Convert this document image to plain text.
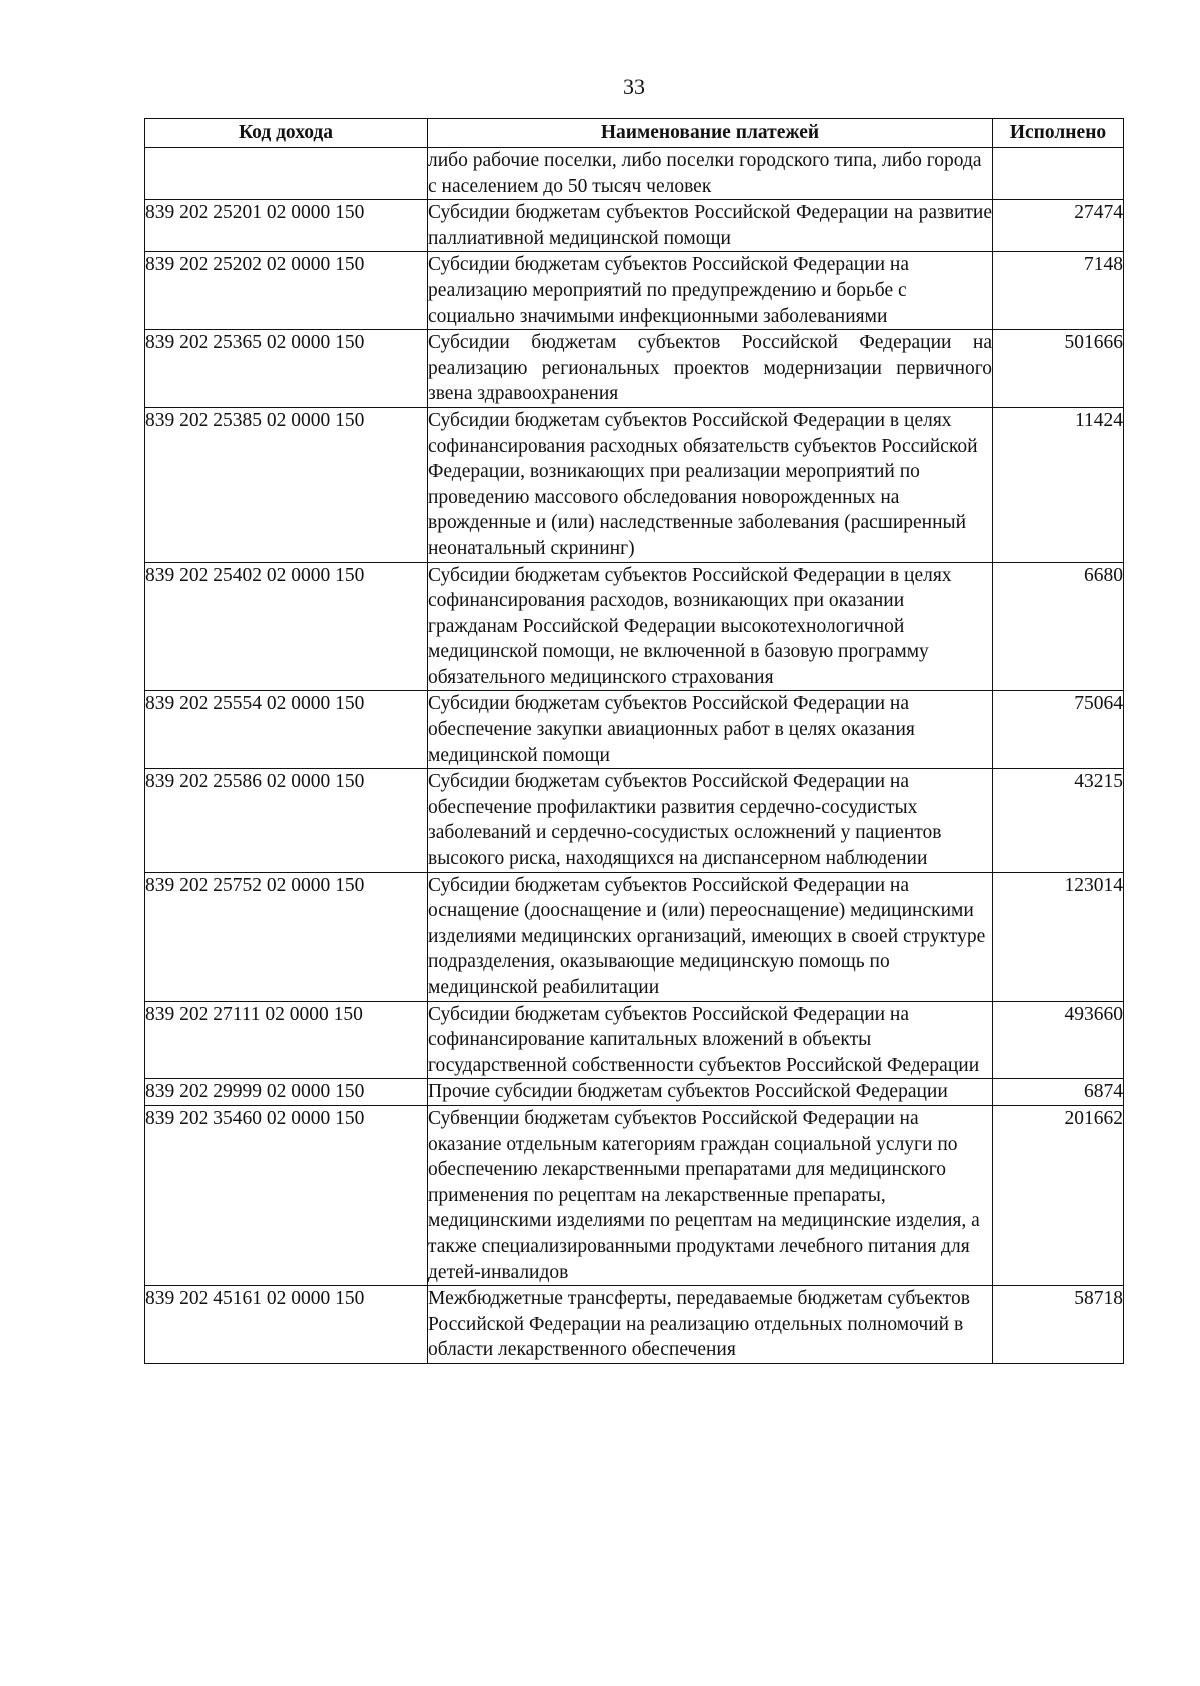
33
Код дохода	Наименование платежей	Исполнено
	либо рабочие поселки, либо поселки городского типа, либо города с населением до 50 тысяч человек	
839 202 25201 02 0000 150	Субсидии бюджетам субъектов Российской Федерации на развитие паллиативной медицинской помощи	27474
839 202 25202 02 0000 150	Субсидии бюджетам субъектов Российской Федерации на реализацию мероприятий по предупреждению и борьбе с социально значимыми инфекционными заболеваниями	7148
839 202 25365 02 0000 150	Субсидии бюджетам субъектов Российской Федерации на реализацию региональных проектов модернизации первичного звена здравоохранения	501666
839 202 25385 02 0000 150	Субсидии бюджетам субъектов Российской Федерации в целях софинансирования расходных обязательств субъектов Российской Федерации, возникающих при реализации мероприятий по проведению массового обследования новорожденных на врожденные и (или) наследственные заболевания (расширенный неонатальный скрининг)	11424
839 202 25402 02 0000 150	Субсидии бюджетам субъектов Российской Федерации в целях софинансирования расходов, возникающих при оказании гражданам Российской Федерации высокотехнологичной медицинской помощи, не включенной в базовую программу обязательного медицинского страхования	6680
839 202 25554 02 0000 150	Субсидии бюджетам субъектов Российской Федерации на обеспечение закупки авиационных работ в целях оказания медицинской помощи	75064
839 202 25586 02 0000 150	Субсидии бюджетам субъектов Российской Федерации на обеспечение профилактики развития сердечно-сосудистых заболеваний и сердечно-сосудистых осложнений у пациентов высокого риска, находящихся на диспансерном наблюдении	43215
839 202 25752 02 0000 150	Субсидии бюджетам субъектов Российской Федерации на оснащение (дооснащение и (или) переоснащение) медицинскими изделиями медицинских организаций, имеющих в своей структуре подразделения, оказывающие медицинскую помощь по медицинской реабилитации	123014
839 202 27111 02 0000 150	Субсидии бюджетам субъектов Российской Федерации на софинансирование капитальных вложений в объекты государственной собственности субъектов Российской Федерации	493660
839 202 29999 02 0000 150	Прочие субсидии бюджетам субъектов Российской Федерации	6874
839 202 35460 02 0000 150	Субвенции бюджетам субъектов Российской Федерации на оказание отдельным категориям граждан социальной услуги по обеспечению лекарственными препаратами для медицинского применения по рецептам на лекарственные препараты, медицинскими изделиями по рецептам на медицинские изделия, а также специализированными продуктами лечебного питания для детей-инвалидов	201662
839 202 45161 02 0000 150	Межбюджетные трансферты, передаваемые бюджетам субъектов Российской Федерации на реализацию отдельных полномочий в области лекарственного обеспечения	58718
